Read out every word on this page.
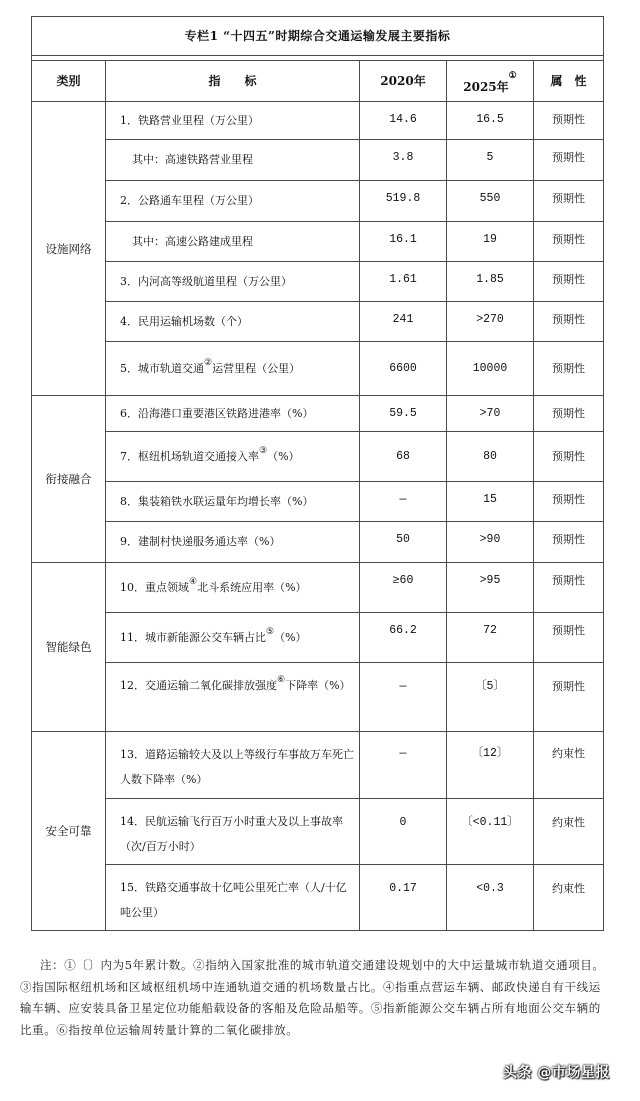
专栏1 “十四五”时期综合交通运输发展主要指标				

类别	指　　标	2020年	2025年①	属　性
设施网络	1．铁路营业里程（万公里）	14.6	16.5	预期性
	其中：高速铁路营业里程	3.8	5	预期性
	2．公路通车里程（万公里）	519.8	550	预期性
	其中：高速公路建成里程	16.1	19	预期性
	3．内河高等级航道里程（万公里）	1.61	1.85	预期性
	4．民用运输机场数（个）	241	>270	预期性
	5．城市轨道交通②运营里程（公里）	6600	10000	预期性
衔接融合	6．沿海港口重要港区铁路进港率（%）	59.5	>70	预期性
	7．枢纽机场轨道交通接入率③（%）	68	80	预期性
	8．集装箱铁水联运量年均增长率（%）	—	15	预期性
	9．建制村快递服务通达率（%）	50	>90	预期性
智能绿色	10．重点领域④北斗系统应用率（%）	≥60	>95	预期性
	11．城市新能源公交车辆占比⑤（%）	66.2	72	预期性
	12．交通运输二氧化碳排放强度⑥下降率（%）	—	〔5〕	预期性
安全可靠	13．道路运输较大及以上等级行车事故万车死亡人数下降率（%）	—	〔12〕	约束性
	14．民航运输飞行百万小时重大及以上事故率（次/百万小时）	0	〔<0.11〕	约束性
	15．铁路交通事故十亿吨公里死亡率（人/十亿吨公里）	0.17	<0.3	约束性

注：①〔〕内为5年累计数。②指纳入国家批准的城市轨道交通建设规划中的大中运量城市轨道交通项目。③指国际枢纽机场和区域枢纽机场中连通轨道交通的机场数量占比。④指重点营运车辆、邮政快递自有干线运输车辆、应安装具备卫星定位功能船载设备的客船及危险品船等。⑤指新能源公交车辆占所有地面公交车辆的比重。⑥指按单位运输周转量计算的二氧化碳排放。

头条 @市场星报
